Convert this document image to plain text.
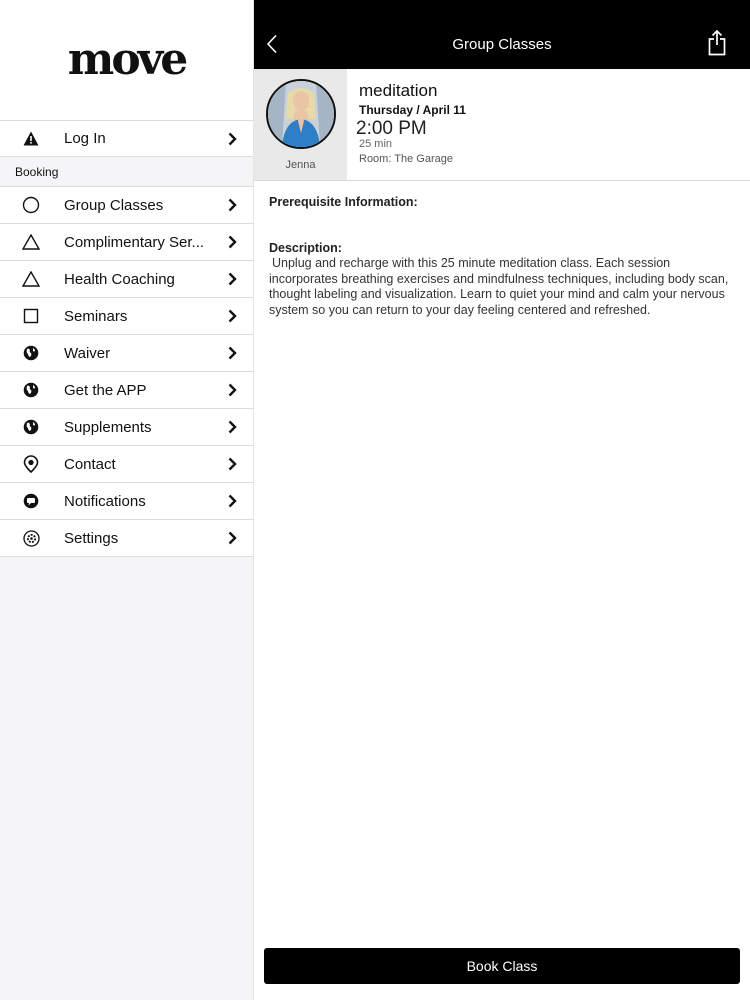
move
Log In
Booking
Group Classes
Complimentary Ser...
Health Coaching
Seminars
Waiver
Get the APP
Supplements
Contact
Notifications
Settings
Group Classes
Jenna
meditation
Thursday / April 11
2:00 PM
25 min
Room: The Garage
Prerequisite Information:
Description:
Unplug and recharge with this 25 minute meditation class. Each session incorporates breathing exercises and mindfulness techniques, including body scan, thought labeling and visualization. Learn to quiet your mind and calm your nervous system so you can return to your day feeling centered and refreshed.
Book Class
